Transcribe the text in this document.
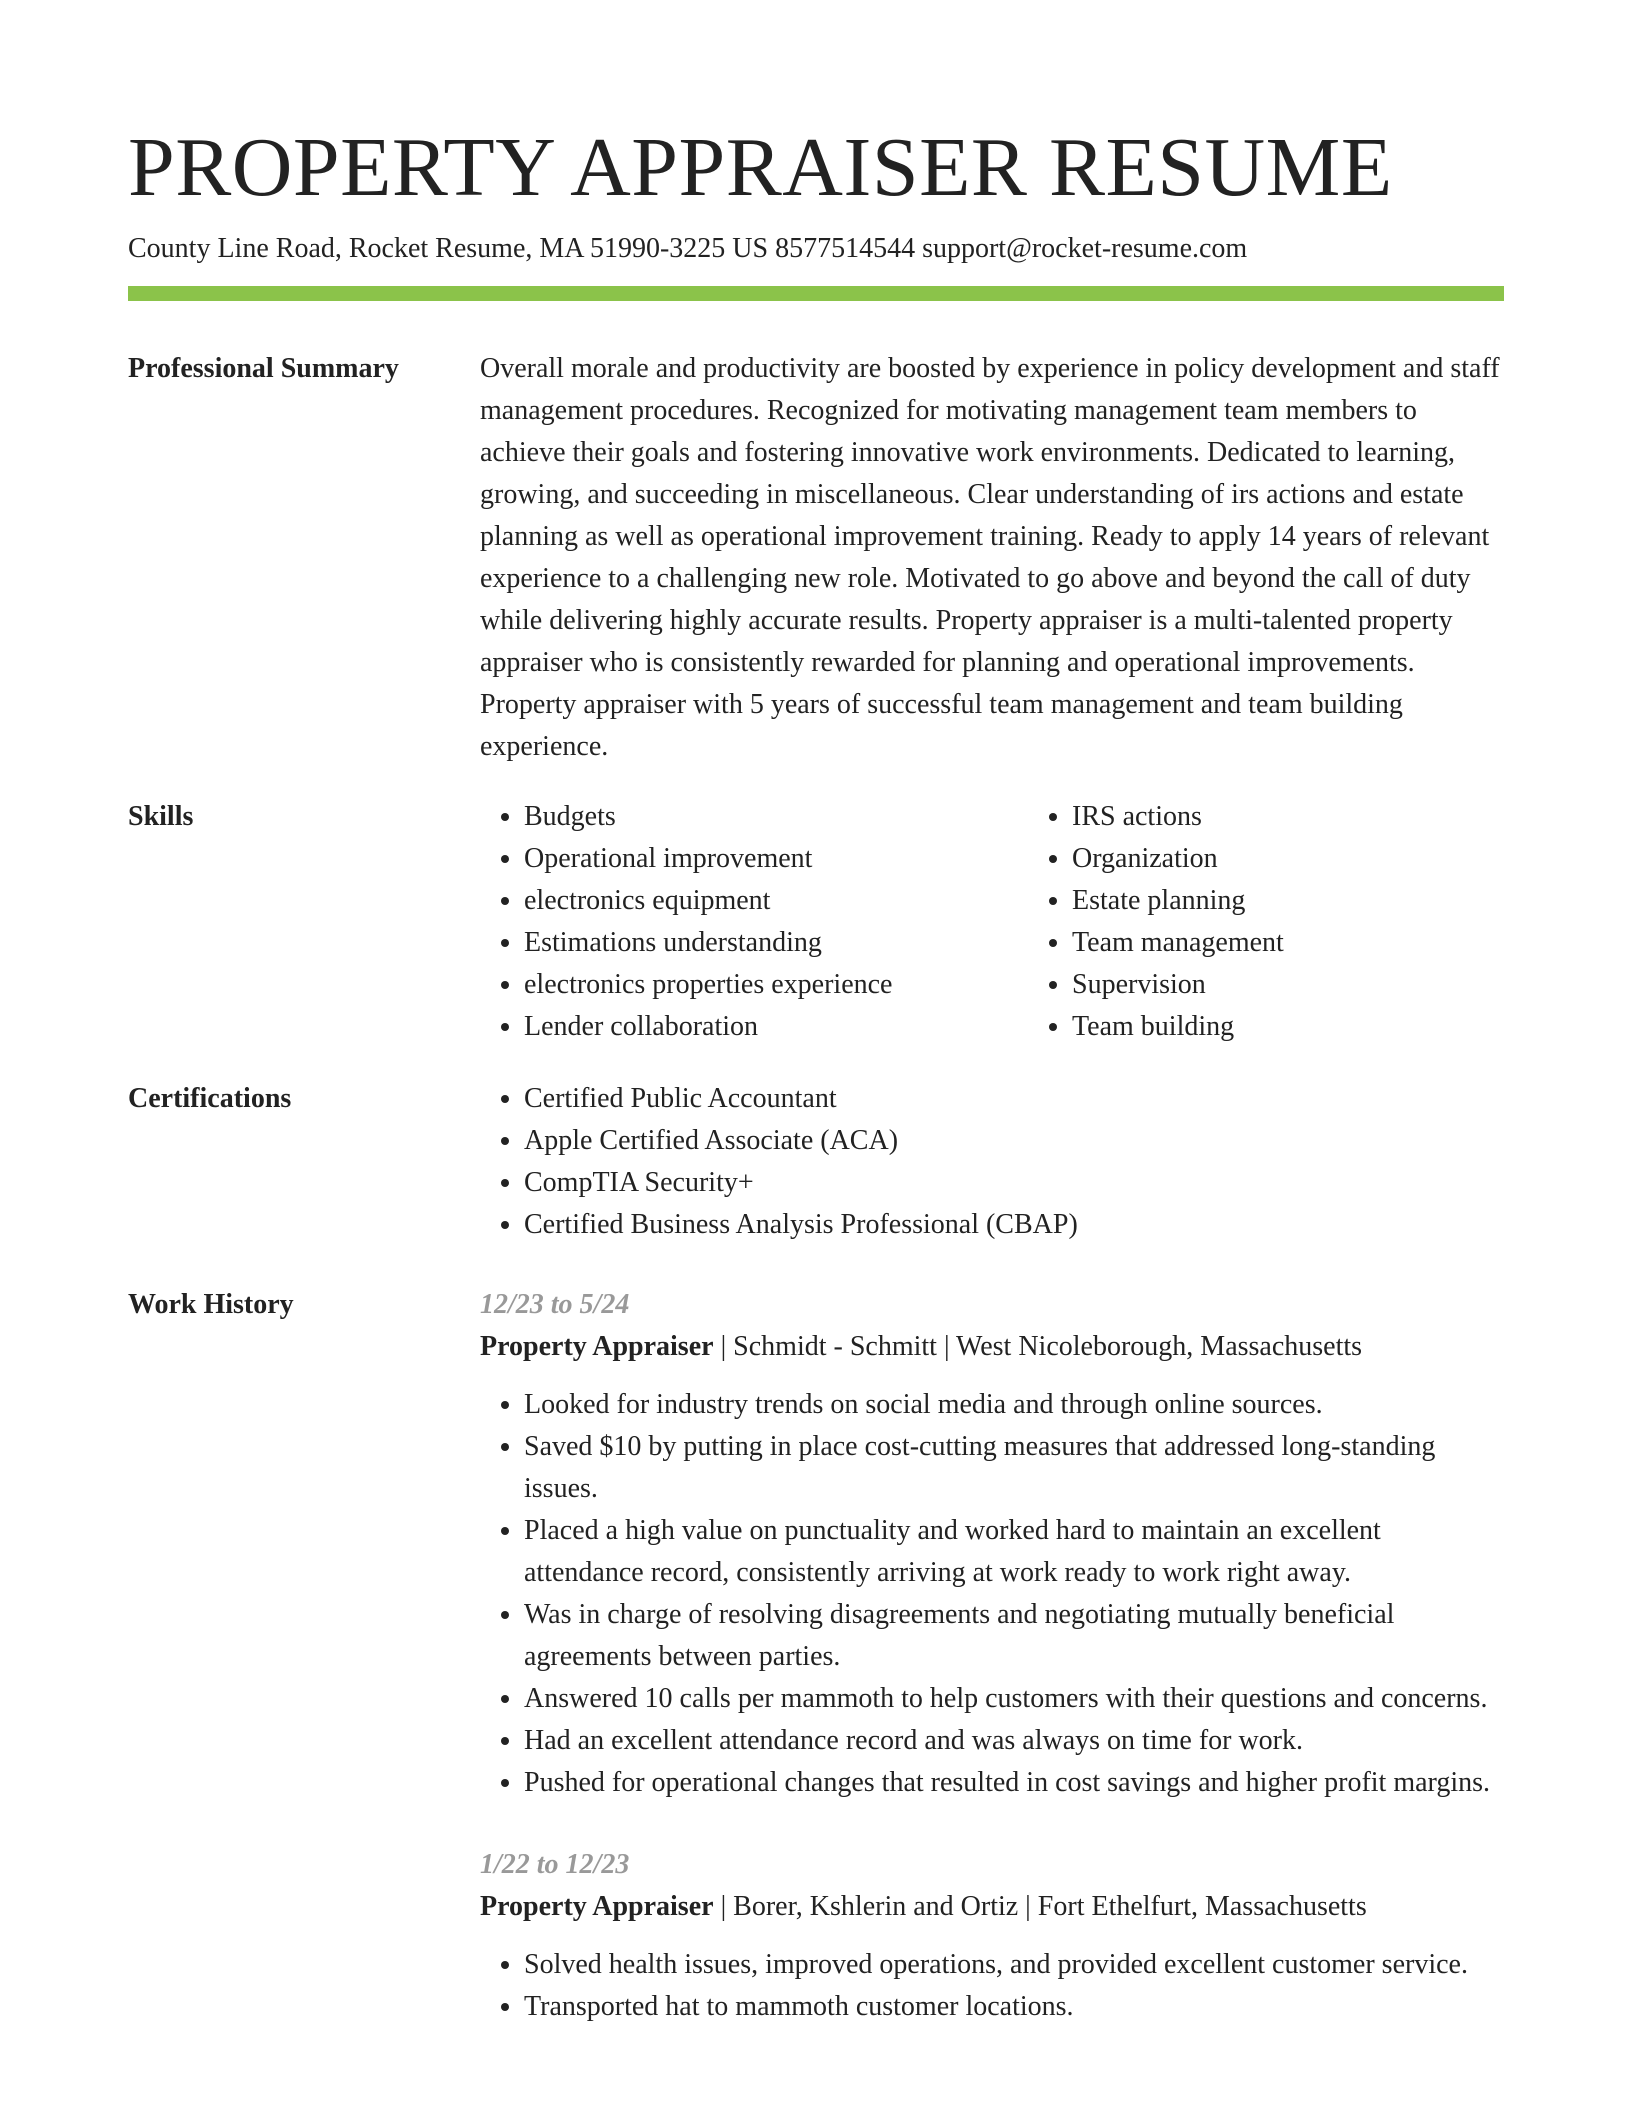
PROPERTY APPRAISER RESUME
County Line Road, Rocket Resume, MA 51990-3225 US 8577514544 support@rocket-resume.com
Professional Summary	Overall morale and productivity are boosted by experience in policy development and staff management procedures. Recognized for motivating management team members to achieve their goals and fostering innovative work environments. Dedicated to learning, growing, and succeeding in miscellaneous. Clear understanding of irs actions and estate planning as well as operational improvement training. Ready to apply 14 years of relevant experience to a challenging new role. Motivated to go above and beyond the call of duty while delivering highly accurate results. Property appraiser is a multi-talented property appraiser who is consistently rewarded for planning and operational improvements. Property appraiser with 5 years of successful team management and team building experience.

Skills	• Budgets
• Operational improvement
• electronics equipment
• Estimations understanding
• electronics properties experience
• Lender collaboration
• IRS actions
• Organization
• Estate planning
• Team management
• Supervision
• Team building
Certifications	• Certified Public Accountant
• Apple Certified Associate (ACA)
• CompTIA Security+
• Certified Business Analysis Professional (CBAP)
Work History	12/23 to 5/24
Property Appraiser | Schmidt - Schmitt | West Nicoleborough, Massachusetts
• Looked for industry trends on social media and through online sources.
• Saved $10 by putting in place cost-cutting measures that addressed long-standing issues.
• Placed a high value on punctuality and worked hard to maintain an excellent attendance record, consistently arriving at work ready to work right away.
• Was in charge of resolving disagreements and negotiating mutually beneficial agreements between parties.
• Answered 10 calls per mammoth to help customers with their questions and concerns.
• Had an excellent attendance record and was always on time for work.
• Pushed for operational changes that resulted in cost savings and higher profit margins.
1/22 to 12/23
Property Appraiser | Borer, Kshlerin and Ortiz | Fort Ethelfurt, Massachusetts
• Solved health issues, improved operations, and provided excellent customer service.
• Transported hat to mammoth customer locations.
